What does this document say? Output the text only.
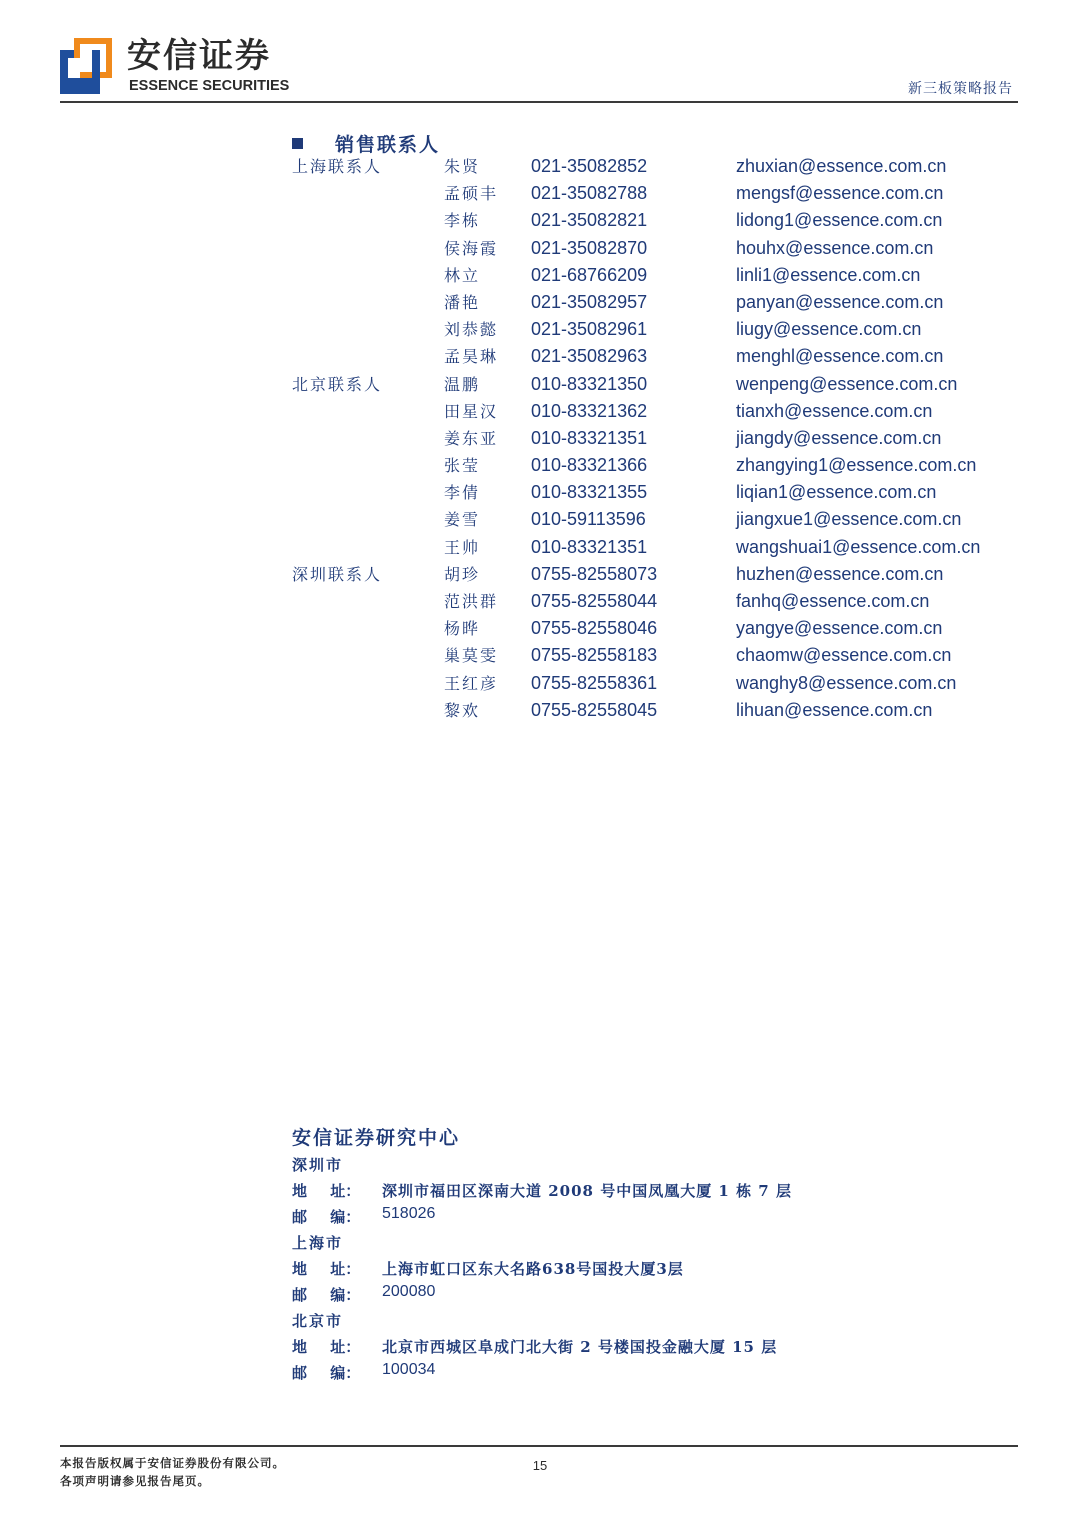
安信证券
ESSENCE SECURITIES	新三板策略报告
销售联系人
上海联系人	朱贤	021-35082852	zhuxian@essence.com.cn
孟硕丰 021-35082788	mengsf@essence.com.cn
李栋	021-35082821	lidong1@essence.com.cn
侯海霞 021-35082870	houhx@essence.com.cn
林立	021-68766209	linli1@essence.com.cn
潘艳	021-35082957	panyan@essence.com.cn
刘恭懿 021-35082961	liugy@essence.com.cn
孟昊琳 021-35082963	menghl@essence.com.cn
北京联系人	温鹏	010-83321350	wenpeng@essence.com.cn
田星汉 010-83321362	tianxh@essence.com.cn
姜东亚 010-83321351	jiangdy@essence.com.cn
张莹	010-83321366	zhangying1@essence.com.cn
李倩	010-83321355	liqian1@essence.com.cn
姜雪	010-59113596	jiangxue1@essence.com.cn
王帅	010-83321351	wangshuai1@essence.com.cn
深圳联系人	胡珍	0755-82558073	huzhen@essence.com.cn
范洪群 0755-82558044	fanhq@essence.com.cn
杨晔	0755-82558046	yangye@essence.com.cn
巢莫雯 0755-82558183	chaomw@essence.com.cn
王红彦 0755-82558361	wanghy8@essence.com.cn
黎欢	0755-82558045	lihuan@essence.com.cn
安信证券研究中心
深圳市
地 址： 深圳市福田区深南大道 2008 号中国凤凰大厦 1 栋 7 层
邮 编： 518026
上海市
地 址： 上海市虹口区东大名路638号国投大厦3层
邮 编： 200080
北京市
地 址： 北京市西城区阜成门北大街 2 号楼国投金融大厦 15 层
邮 编： 100034
本报告版权属于安信证券股份有限公司。
各项声明请参见报告尾页。
15
